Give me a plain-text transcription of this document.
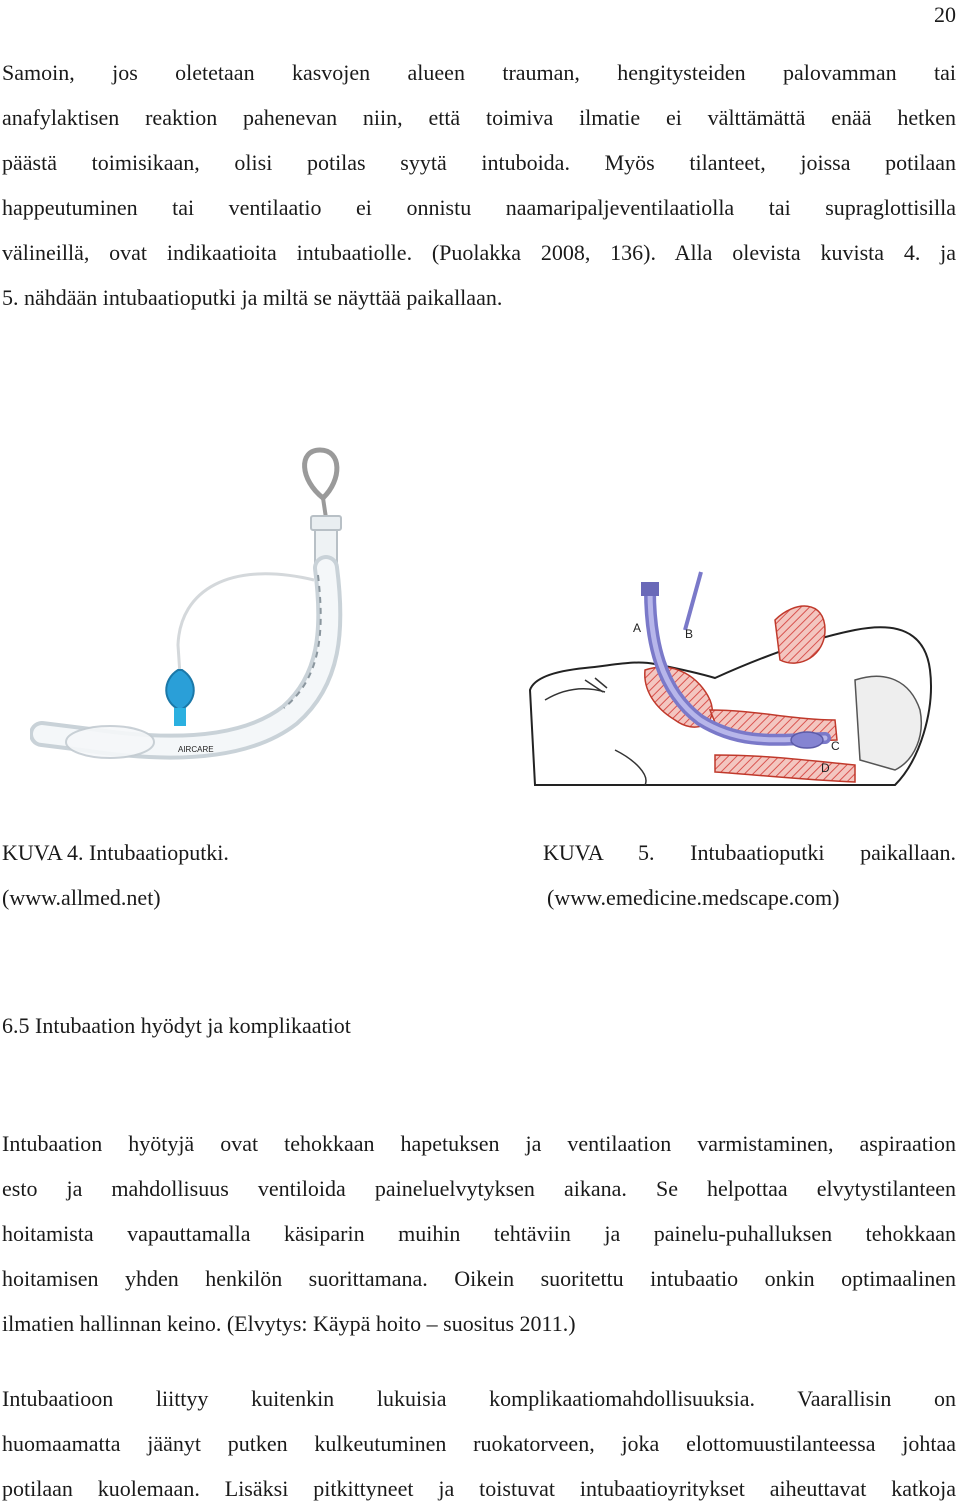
20
Samoin, jos oletetaan kasvojen alueen trauman, hengitysteiden palovamman tai
anafylaktisen reaktion pahenevan niin, että toimiva ilmatie ei välttämättä enää hetken
päästä toimisikaan, olisi potilas syytä intuboida. Myös tilanteet, joissa potilaan
happeutuminen tai ventilaatio ei onnistu naamaripaljeventilaatiolla tai supraglottisilla
välineillä, ovat indikaatioita intubaatiolle. (Puolakka 2008, 136). Alla olevista kuvista 4. ja
5. nähdään intubaatioputki ja miltä se näyttää paikallaan.
AIRCARE
A	B
C
D
KUVA 4. Intubaatioputki.
(www.allmed.net)
KUVA 5. Intubaatioputki paikallaan.
(www.emedicine.medscape.com)
6.5 Intubaation hyödyt ja komplikaatiot
Intubaation hyötyjä ovat tehokkaan hapetuksen ja ventilaation varmistaminen, aspiraation
esto ja mahdollisuus ventiloida paineluelvytyksen aikana. Se helpottaa elvytystilanteen
hoitamista vapauttamalla käsiparin muihin tehtäviin ja painelu-puhalluksen tehokkaan
hoitamisen yhden henkilön suorittamana. Oikein suoritettu intubaatio onkin optimaalinen
ilmatien hallinnan keino. (Elvytys: Käypä hoito – suositus 2011.)
Intubaatioon liittyy kuitenkin lukuisia komplikaatiomahdollisuuksia. Vaarallisin on
huomaamatta jäänyt putken kulkeutuminen ruokatorveen, joka elottomuustilanteessa johtaa
potilaan kuolemaan. Lisäksi pitkittyneet ja toistuvat intubaatioyritykset aiheuttavat katkoja
